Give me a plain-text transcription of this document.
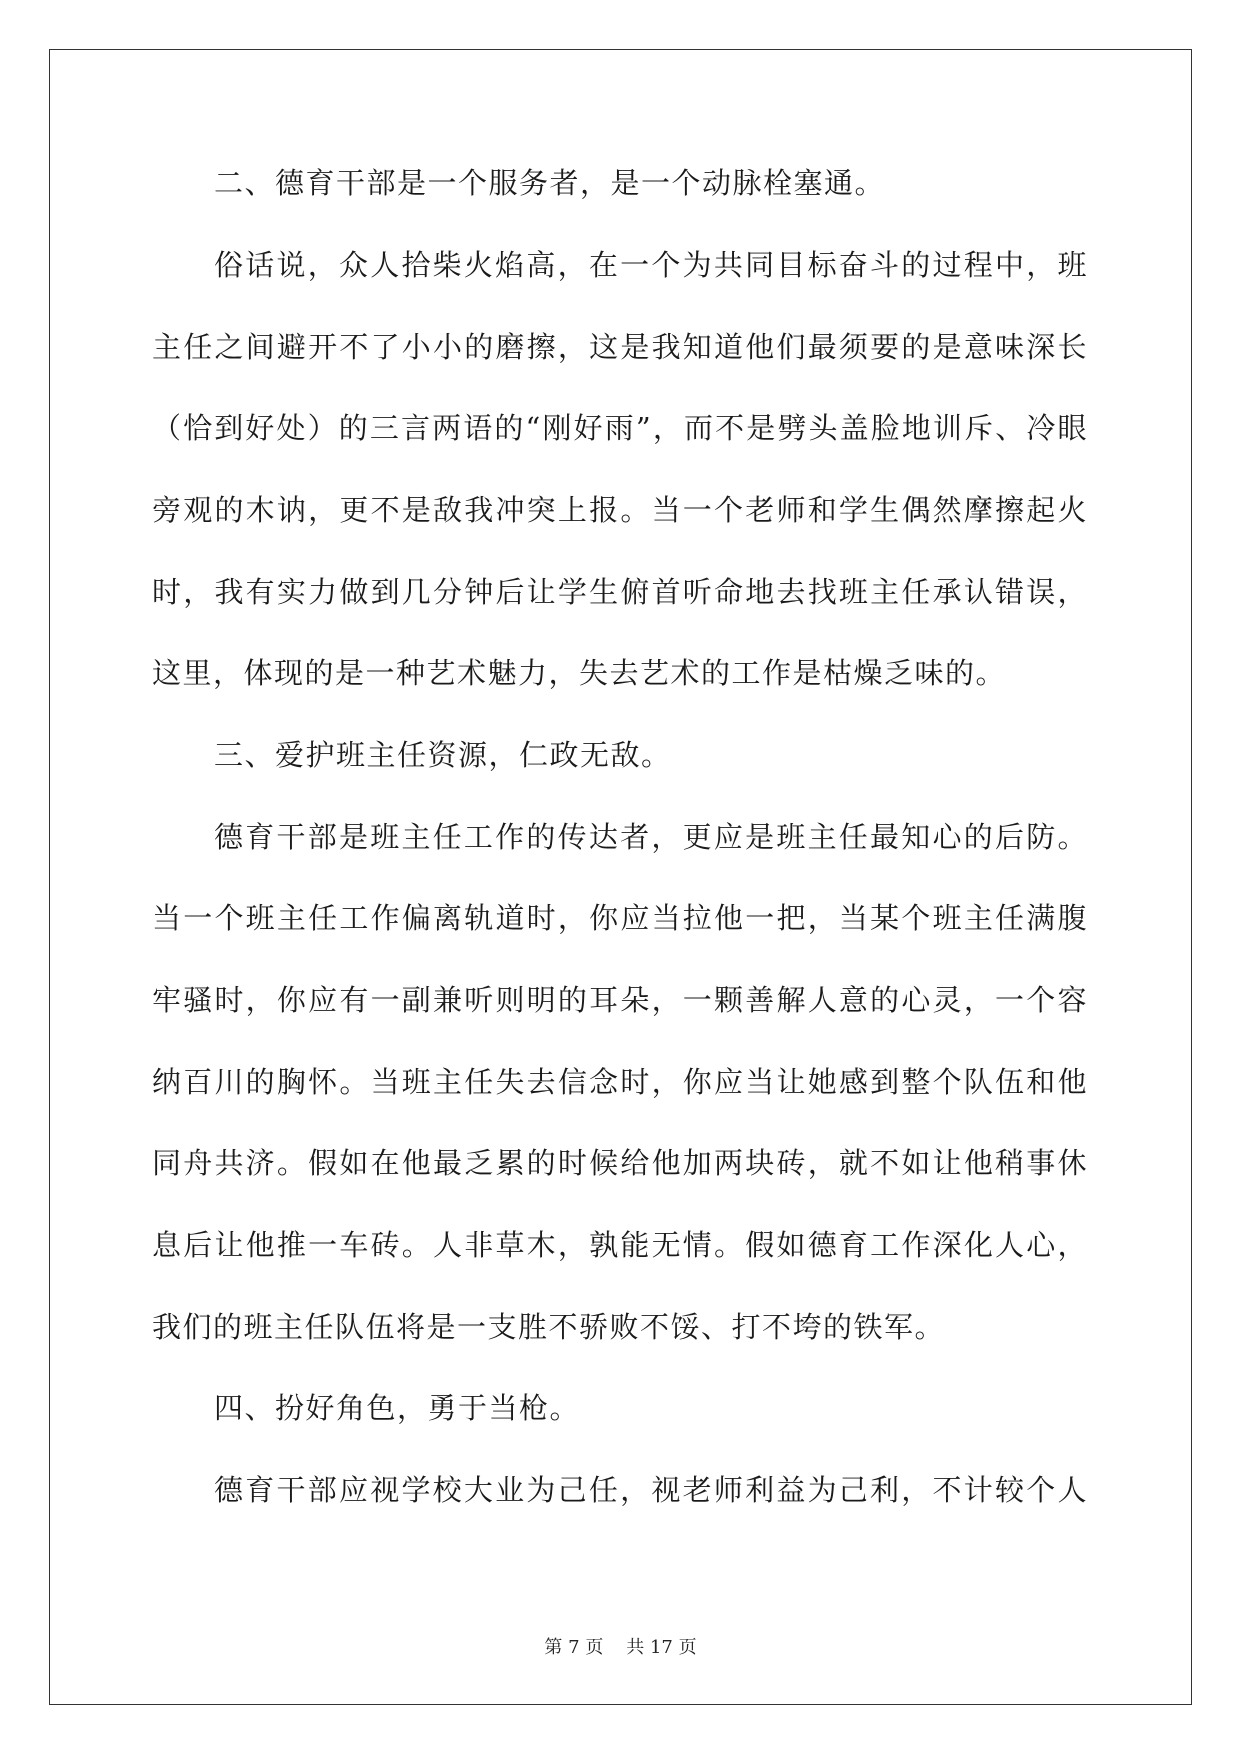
二、德育干部是一个服务者，是一个动脉栓塞通。
俗话说，众人拾柴火焰高，在一个为共同目标奋斗的过程中，班
主任之间避开不了小小的磨擦，这是我知道他们最须要的是意味深长
（恰到好处）的三言两语的“刚好雨”，而不是劈头盖脸地训斥、冷眼
旁观的木讷，更不是敌我冲突上报。当一个老师和学生偶然摩擦起火
时，我有实力做到几分钟后让学生俯首听命地去找班主任承认错误，
这里，体现的是一种艺术魅力，失去艺术的工作是枯燥乏味的。
三、爱护班主任资源，仁政无敌。
德育干部是班主任工作的传达者，更应是班主任最知心的后防。
当一个班主任工作偏离轨道时，你应当拉他一把，当某个班主任满腹
牢骚时，你应有一副兼听则明的耳朵，一颗善解人意的心灵，一个容
纳百川的胸怀。当班主任失去信念时，你应当让她感到整个队伍和他
同舟共济。假如在他最乏累的时候给他加两块砖，就不如让他稍事休
息后让他推一车砖。人非草木，孰能无情。假如德育工作深化人心，
我们的班主任队伍将是一支胜不骄败不馁、打不垮的铁军。
四、扮好角色，勇于当枪。
德育干部应视学校大业为己任，视老师利益为己利，不计较个人
第 7 页 共 17 页
